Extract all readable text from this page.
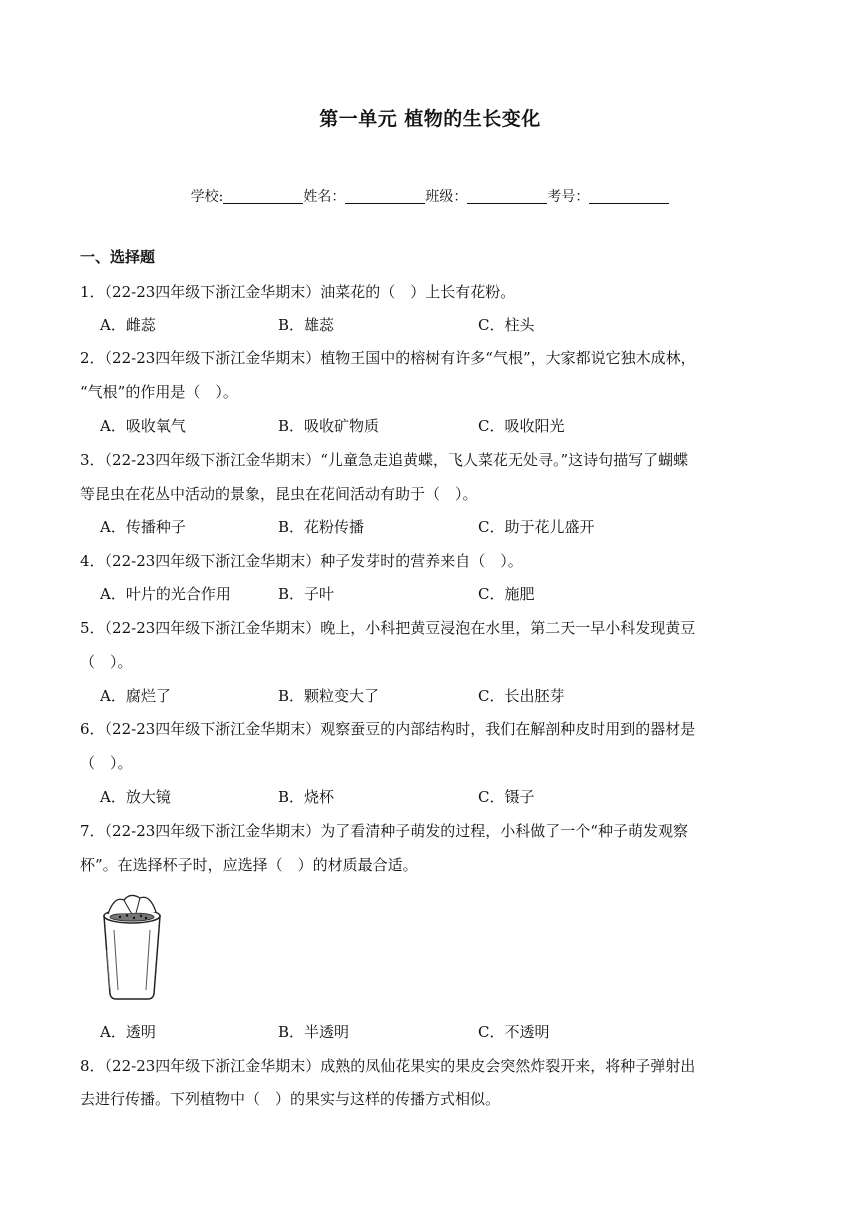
第一单元 植物的生长变化
学校:	姓名：	班级：	考号：
一、选择题
1．（22-23四年级下浙江金华期末）油菜花的（　）上长有花粉。
A．雌蕊	B．雄蕊	C．柱头
2．（22-23四年级下浙江金华期末）植物王国中的榕树有许多“气根”，大家都说它独木成林，
“气根”的作用是（　）。
A．吸收氧气	B．吸收矿物质	C．吸收阳光
3．（22-23四年级下浙江金华期末）“儿童急走追黄蝶，飞人菜花无处寻。”这诗句描写了蝴蝶
等昆虫在花丛中活动的景象，昆虫在花间活动有助于（　）。
A．传播种子	B．花粉传播	C．助于花儿盛开
4．（22-23四年级下浙江金华期末）种子发芽时的营养来自（　）。
A．叶片的光合作用	B．子叶	C．施肥
5．（22-23四年级下浙江金华期末）晚上，小科把黄豆浸泡在水里，第二天一早小科发现黄豆
（　）。
A．腐烂了	B．颗粒变大了	C．长出胚芽
6．（22-23四年级下浙江金华期末）观察蚕豆的内部结构时，我们在解剖种皮时用到的器材是
（　）。
A．放大镜	B．烧杯	C．镊子
7．（22-23四年级下浙江金华期末）为了看清种子萌发的过程，小科做了一个“种子萌发观察
杯”。在选择杯子时，应选择（　）的材质最合适。
A．透明	B．半透明	C．不透明
8．（22-23四年级下浙江金华期末）成熟的凤仙花果实的果皮会突然炸裂开来，将种子弹射出
去进行传播。下列植物中（　）的果实与这样的传播方式相似。
